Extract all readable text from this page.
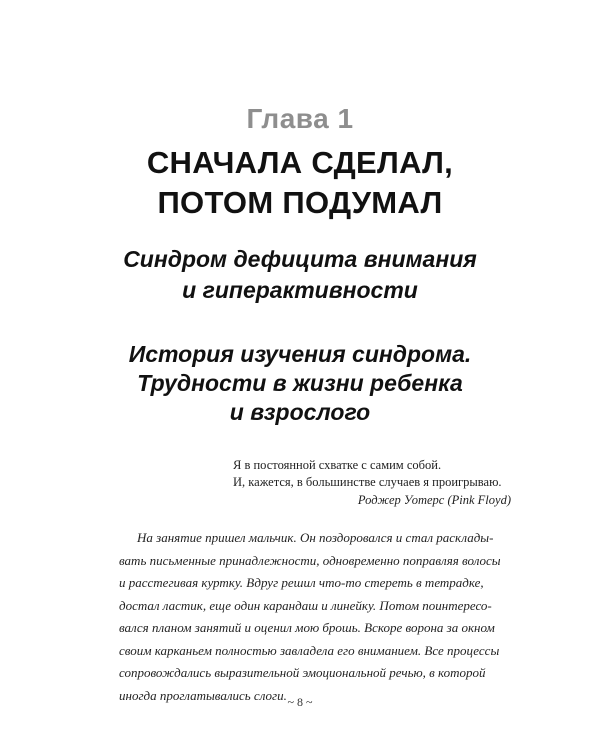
Глава 1
СНАЧАЛА СДЕЛАЛ,
ПОТОМ ПОДУМАЛ
Синдром дефицита внимания
и гиперактивности
История изучения синдрома.
Трудности в жизни ребенка
и взрослого
Я в постоянной схватке с самим собой.
И, кажется, в большинстве случаев я проигрываю.
Роджер Уотерс (Pink Floyd)
На занятие пришел мальчик. Он поздоровался и стал расклады-
вать письменные принадлежности, одновременно поправляя волосы
и расстегивая куртку. Вдруг решил что-то стереть в тетрадке,
достал ластик, еще один карандаш и линейку. Потом поинтересо-
вался планом занятий и оценил мою брошь. Вскоре ворона за окном
своим карканьем полностью завладела его вниманием. Все процессы
сопровождались выразительной эмоциональной речью, в которой
иногда проглатывались слоги. ~ 8 ~
